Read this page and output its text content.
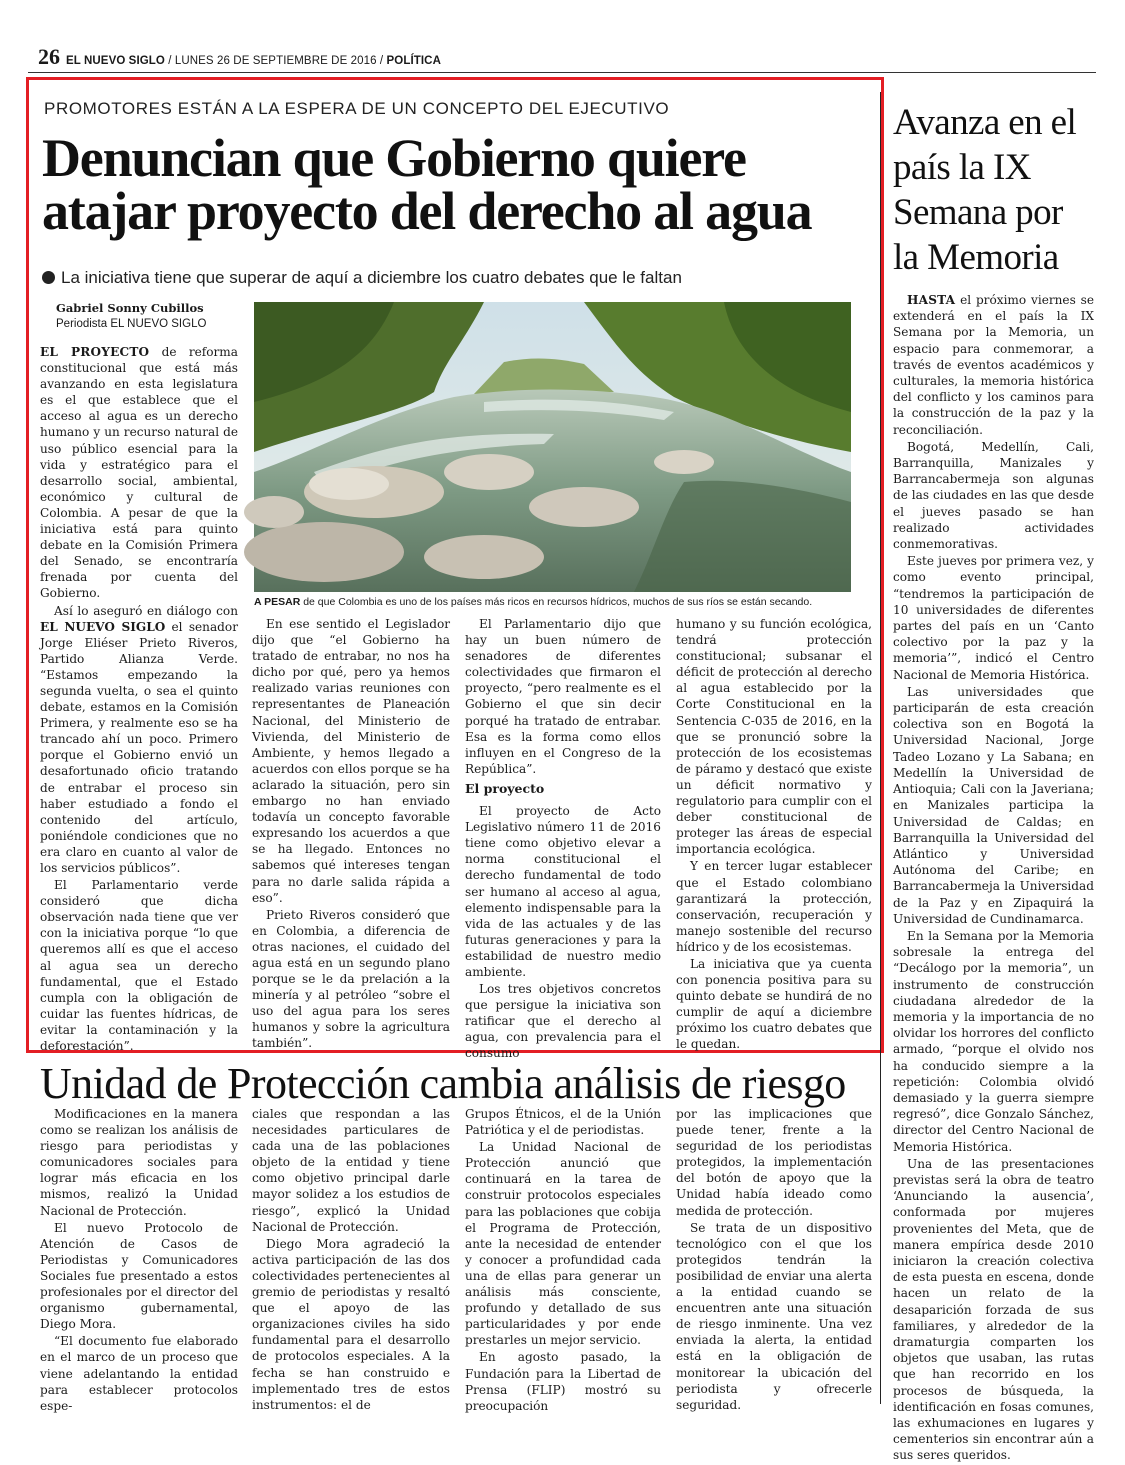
26 EL NUEVO SIGLO / LUNES 26 DE SEPTIEMBRE DE 2016 / POLÍTICA
PROMOTORES ESTÁN A LA ESPERA DE UN CONCEPTO DEL EJECUTIVO
Denuncian que Gobierno quiere atajar proyecto del derecho al agua
La iniciativa tiene que superar de aquí a diciembre los cuatro debates que le faltan
Gabriel Sonny Cubillos
Periodista EL NUEVO SIGLO

EL PROYECTO de reforma constitucional que está más avanzando en esta legislatura es el que establece que el acceso al agua es un derecho humano y un recurso natural de uso público esencial para la vida y estratégico para el desarrollo social, ambiental, económico y cultural de Colombia. A pesar de que la iniciativa está para quinto debate en la Comisión Primera del Senado, se encontraría frenada por cuenta del Gobierno.

Así lo aseguró en diálogo con EL NUEVO SIGLO el senador Jorge Eliéser Prieto Riveros, Partido Alianza Verde. “Estamos empezando la segunda vuelta, o sea el quinto debate, estamos en la Comisión Primera, y realmente eso se ha trancado ahí un poco. Primero porque el Gobierno envió un desafortunado oficio tratando de entrabar el proceso sin haber estudiado a fondo el contenido del artículo, poniéndole condiciones que no era claro en cuanto al valor de los servicios públicos”.

El Parlamentario verde consideró que dicha observación nada tiene que ver con la iniciativa porque “lo que queremos allí es que el acceso al agua sea un derecho fundamental, que el Estado cumpla con la obligación de cuidar las fuentes hídricas, de evitar la contaminación y la deforestación”.

A PESAR de que Colombia es uno de los países más ricos en recursos hídricos, muchos de sus ríos se están secando.

En ese sentido el Legislador dijo que “el Gobierno ha tratado de entrabar, no nos ha dicho por qué, pero ya hemos realizado varias reuniones con representantes de Planeación Nacional, del Ministerio de Vivienda, del Ministerio de Ambiente, y hemos llegado a acuerdos con ellos porque se ha aclarado la situación, pero sin embargo no han enviado todavía un concepto favorable expresando los acuerdos a que se ha llegado. Entonces no sabemos qué intereses tengan para no darle salida rápida a eso”.

Prieto Riveros consideró que en Colombia, a diferencia de otras naciones, el cuidado del agua está en un segundo plano porque se le da prelación a la minería y al petróleo “sobre el uso del agua para los seres humanos y sobre la agricultura también”.

El Parlamentario dijo que hay un buen número de senadores de diferentes colectividades que firmaron el proyecto, “pero realmente es el Gobierno el que sin decir porqué ha tratado de entrabar. Esa es la forma como ellos influyen en el Congreso de la República”.

El proyecto

El proyecto de Acto Legislativo número 11 de 2016 tiene como objetivo elevar a norma constitucional el derecho fundamental de todo ser humano al acceso al agua, elemento indispensable para la vida de las actuales y de las futuras generaciones y para la estabilidad de nuestro medio ambiente.

Los tres objetivos concretos que persigue la iniciativa son ratificar que el derecho al agua, con prevalencia para el consumo

humano y su función ecológica, tendrá protección constitucional; subsanar el déficit de protección al derecho al agua establecido por la Corte Constitucional en la Sentencia C-035 de 2016, en la que se pronunció sobre la protección de los ecosistemas de páramo y destacó que existe un déficit normativo y regulatorio para cumplir con el deber constitucional de proteger las áreas de especial importancia ecológica.

Y en tercer lugar establecer que el Estado colombiano garantizará la protección, conservación, recuperación y manejo sostenible del recurso hídrico y de los ecosistemas.

La iniciativa que ya cuenta con ponencia positiva para su quinto debate se hundirá de no cumplir de aquí a diciembre próximo los cuatro debates que le quedan.

Avanza en el país la IX Semana por la Memoria

HASTA el próximo viernes se extenderá en el país la IX Semana por la Memoria, un espacio para conmemorar, a través de eventos académicos y culturales, la memoria histórica del conflicto y los caminos para la construcción de la paz y la reconciliación.

Bogotá, Medellín, Cali, Barranquilla, Manizales y Barrancabermeja son algunas de las ciudades en las que desde el jueves pasado se han realizado actividades conmemorativas.

Este jueves por primera vez, y como evento principal, “tendremos la participación de 10 universidades de diferentes partes del país en un ‘Canto colectivo por la paz y la memoria’”, indicó el Centro Nacional de Memoria Histórica.

Las universidades que participarán de esta creación colectiva son en Bogotá la Universidad Nacional, Jorge Tadeo Lozano y La Sabana; en Medellín la Universidad de Antioquia; Cali con la Javeriana; en Manizales participa la Universidad de Caldas; en Barranquilla la Universidad del Atlántico y Universidad Autónoma del Caribe; en Barrancabermeja la Universidad de la Paz y en Zipaquirá la Universidad de Cundinamarca.

En la Semana por la Memoria sobresale la entrega del “Decálogo por la memoria”, un instrumento de construcción ciudadana alrededor de la memoria y la importancia de no olvidar los horrores del conflicto armado, “porque el olvido nos ha conducido siempre a la repetición: Colombia olvidó demasiado y la guerra siempre regresó”, dice Gonzalo Sánchez, director del Centro Nacional de Memoria Histórica.

Una de las presentaciones previstas será la obra de teatro ‘Anunciando la ausencia’, conformada por mujeres provenientes del Meta, que de manera empírica desde 2010 iniciaron la creación colectiva de esta puesta en escena, donde hacen un relato de la desaparición forzada de sus familiares, y alrededor de la dramaturgia comparten los objetos que usaban, las rutas que han recorrido en los procesos de búsqueda, la identificación en fosas comunes, las exhumaciones en lugares y cementerios sin encontrar aún a sus seres queridos.

Unidad de Protección cambia análisis de riesgo

Modificaciones en la manera como se realizan los análisis de riesgo para periodistas y comunicadores sociales para lograr más eficacia en los mismos, realizó la Unidad Nacional de Protección.

El nuevo Protocolo de Atención de Casos de Periodistas y Comunicadores Sociales fue presentado a estos profesionales por el director del organismo gubernamental, Diego Mora.

“El documento fue elaborado en el marco de un proceso que viene adelantando la entidad para establecer protocolos espe-

ciales que respondan a las necesidades particulares de cada una de las poblaciones objeto de la entidad y tiene como objetivo principal darle mayor solidez a los estudios de riesgo”, explicó la Unidad Nacional de Protección.

Diego Mora agradeció la activa participación de las dos colectividades pertenecientes al gremio de periodistas y resaltó que el apoyo de las organizaciones civiles ha sido fundamental para el desarrollo de protocolos especiales. A la fecha se han construido e implementado tres de estos instrumentos: el de

Grupos Étnicos, el de la Unión Patriótica y el de periodistas.

La Unidad Nacional de Protección anunció que continuará en la tarea de construir protocolos especiales para las poblaciones que cobija el Programa de Protección, ante la necesidad de entender y conocer a profundidad cada una de ellas para generar un análisis más consciente, profundo y detallado de sus particularidades y por ende prestarles un mejor servicio.

En agosto pasado, la Fundación para la Libertad de Prensa (FLIP) mostró su preocupación

por las implicaciones que puede tener, frente a la seguridad de los periodistas protegidos, la implementación del botón de apoyo que la Unidad había ideado como medida de protección.

Se trata de un dispositivo tecnológico con el que los protegidos tendrán la posibilidad de enviar una alerta a la entidad cuando se encuentren ante una situación de riesgo inminente. Una vez enviada la alerta, la entidad está en la obligación de monitorear la ubicación del periodista y ofrecerle seguridad.
